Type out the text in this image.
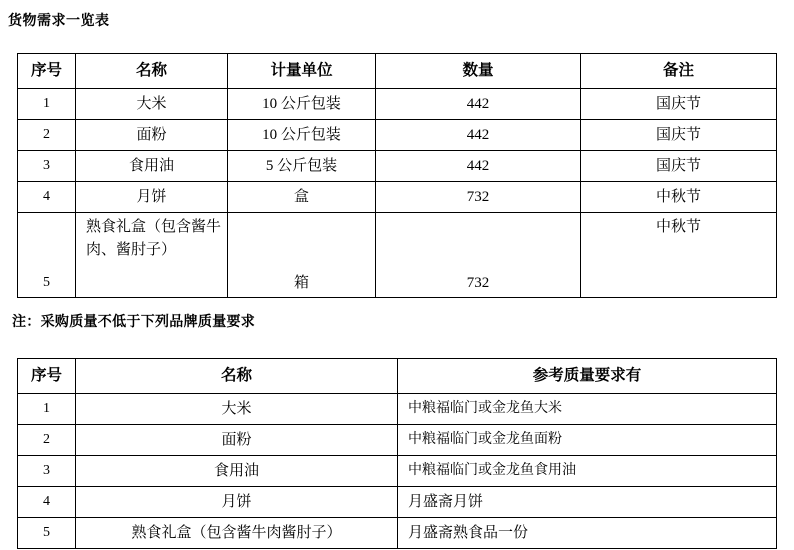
货物需求一览表
序号	名称	计量单位	数量	备注
1	大米	10 公斤包装	442	国庆节
2	面粉	10 公斤包装	442	国庆节
3	食用油	5 公斤包装	442	国庆节
4	月饼	盒	732	中秋节
5	熟食礼盒（包含酱牛肉、酱肘子）	箱	732	中秋节
注：采购质量不低于下列品牌质量要求
序号	名称	参考质量要求有
1	大米	中粮福临门或金龙鱼大米
2	面粉	中粮福临门或金龙鱼面粉
3	食用油	中粮福临门或金龙鱼食用油
4	月饼	月盛斋月饼
5	熟食礼盒（包含酱牛肉酱肘子）	月盛斋熟食品一份
